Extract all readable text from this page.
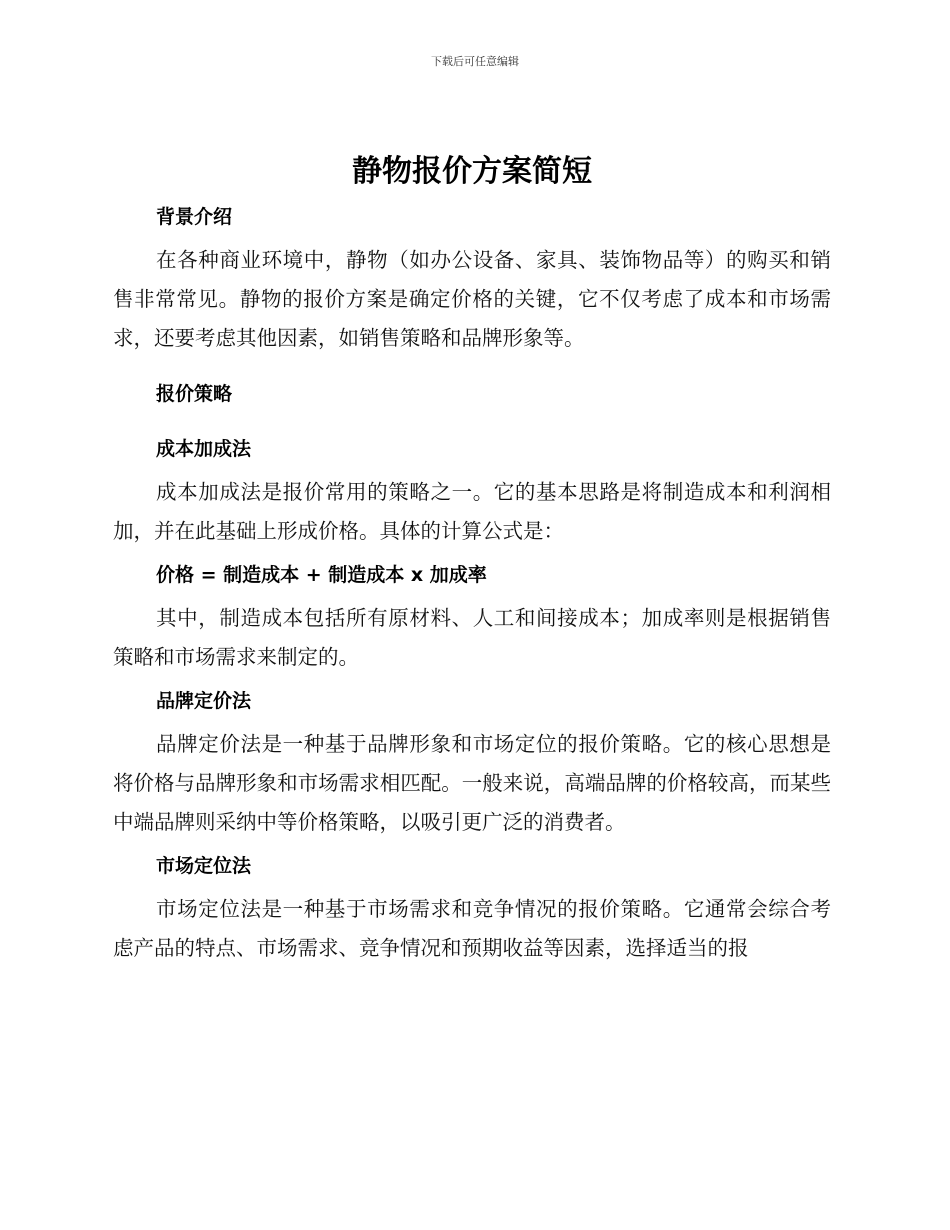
下载后可任意编辑
静物报价方案简短
背景介绍

在各种商业环境中，静物（如办公设备、家具、装饰物品等）的购买和销售非常常见。静物的报价方案是确定价格的关键，它不仅考虑了成本和市场需求，还要考虑其他因素，如销售策略和品牌形象等。

报价策略
成本加成法

成本加成法是报价常用的策略之一。它的基本思路是将制造成本和利润相加，并在此基础上形成价格。具体的计算公式是：

价格 = 制造成本 + 制造成本 x 加成率

其中，制造成本包括所有原材料、人工和间接成本；加成率则是根据销售策略和市场需求来制定的。

品牌定价法

品牌定价法是一种基于品牌形象和市场定位的报价策略。它的核心思想是将价格与品牌形象和市场需求相匹配。一般来说，高端品牌的价格较高，而某些中端品牌则采纳中等价格策略，以吸引更广泛的消费者。

市场定位法

市场定位法是一种基于市场需求和竞争情况的报价策略。它通常会综合考虑产品的特点、市场需求、竞争情况和预期收益等因素，选择适当的报
